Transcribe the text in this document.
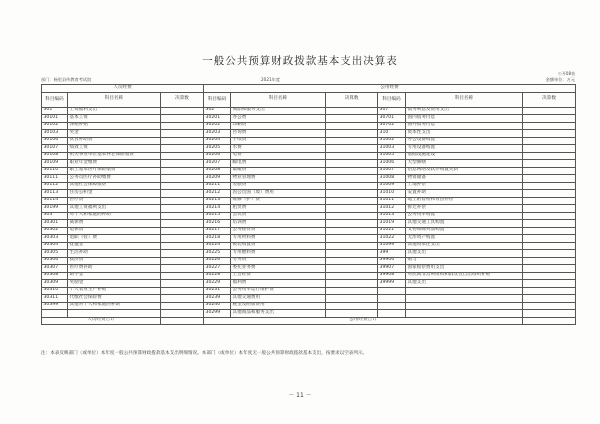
一般公共预算财政拨款基本支出决算表
公开08表
部门：杨里县传教育考试院	2021年度	金额单位：万元
人员经费			公用经费					
科目编码	科目名称	决算数	科目编码	科目名称	决算数	科目编码	科目名称	决算数
301	工资福利支出		302	商品和服务支出		307	债务利息及费用支出	
30101	基本工资		30201	办公费		30701	国内债务付息	
30102	津贴补贴		30202	印刷费		30702	国外债务付息	
30103	奖金		30203	咨询费		310	资本性支出	
30106	伙食补助费		30204	手续费		31002	办公设备购置	
30107	绩效工资		30205	水费		31003	专用设备购置	
30108	机关事业单位基本养老保险缴费		30206	电费		31005	基础设施建设	
30109	职业年金缴费		30207	邮电费		31006	大型修缮	
30110	职工基本医疗保险缴费		30208	取暖费		31007	信息网络及软件购置更新	
30111	公务员医疗补助缴费		30209	物业管理费		31008	物资储备	
30112	其他社会保障缴费		30211	差旅费		31009	土地补偿	
30113	住房公积金		30212	因公出国（境）费用		31010	安置补助	
30114	医疗费		30213	维修（护）费		31011	地上附着物和青苗补偿	
30199	其他工资福利支出		30214	租赁费		31012	拆迁补偿	
303	对个人和家庭的补助		30215	会议费		31013	公务用车购置	
30301	离休费		30216	培训费		31019	其他交通工具购置	
30302	退休费		30217	公务接待费		31021	文物和陈列品购置	
30303	退职（役）费		30218	专用材料费		31022	无形资产购置	
30304	抚恤金		30224	被装购置费		31099	其他资本性支出	
30305	生活补助		30225	专用燃料费		399	其他支出	
30306	救济费		30226	劳务费		39906	赠与	
30307	医疗费补助		30227	委托业务费		39907	国家赔偿费用支出	
30308	助学金		30228	工会经费		39908	对民间非营利组织和群众性自治组织补贴	
30309	奖励金		30229	福利费		39999	其他支出	
30310	个人农业生产补贴		30231	公务用车运行维护费				
30311	代缴社会保险费		30239	其他交通费用				
30399	其他对个人和家庭的补助		30240	税金及附加费用				
			30299	其他商品和服务支出				
人员经费合计			公用经费合计					
注：本表反映部门（或单位）本年度一般公共预算财政拨款基本支出明细情况。本部门（或单位）本年度无一般公共预算财政拨款基本支出，按要求以空表列示。
－ 11 －
